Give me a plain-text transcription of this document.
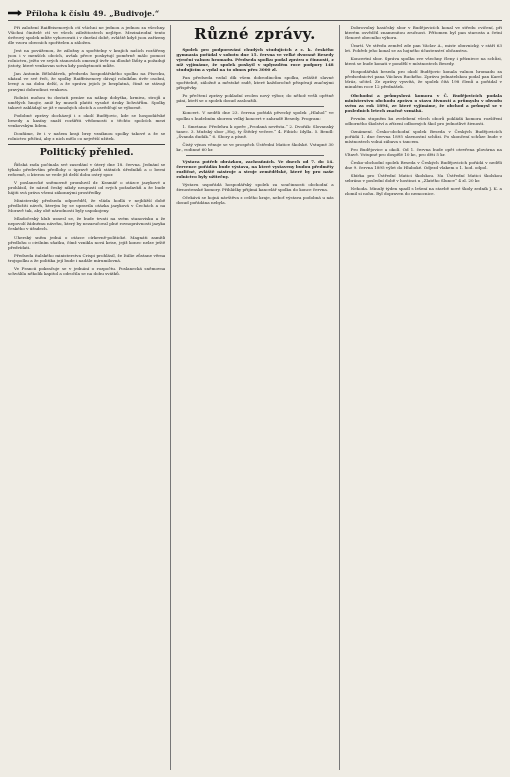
Příloha k číslu 49. „Budivoje.“

Při založení Raiffeisenových ctí všichni ne jednou a jednou za všechny. Všichni činitelé ctí ve všech záležitostech nejlépe. Mezinárodní tento úvěrový spolek může vyhovovati i v dnešní době, zvláště když jsou zařízeny dle vzoru obecních spořitelen a záložen.

Jest na pováženou, že záložny a spořitelny v krajích našich rozšířeny jsou i v menších obcích, avšak přece poskytují poměrně málo pomoci rolnictvu, ježto ve svých stanovách omezují úvěr na dlouhé lhůty a požadují jistoty, které venkovan sotva kdy poskytnouti může.

Jan Antonín Bělohlávek, předseda hospodářského spolku na Písecku, ukázal ve své řeči, že spolky Raiffeisenovy dávají rolníkům úvěr osobní, levný a na dobu delší, a že správa jejich je bezplatná, čímž se stávají pravými dobrodinci venkova.

Rolníci mohou tu dostati peníze na nákup dobytka, krmiva, strojů a umělých hnojiv, aniž by museli platiti vysoké úroky lichvářům. Spolky takové zakládají se již v mnohých obcích a osvědčují se výborně.

Podobné zprávy docházejí i z okolí Budějovic, kde se hospodářské besedy a kasíny snaží rozšířiti vědomosti o těchto spolcích mezi venkovským lidem.

Doufáme, že i v našem kraji brzy vzniknou spolky takové a že se rolnictvo přičiní, aby z nich mělo co největší užitek.

Politický přehled.

Říšská rada počínala své zasedání v úterý dne 18. června. Jednání se týkalo především předlohy o úpravě platů státních úředníků a o berní reformě, o kterou se vede již delší dobu ostrý spor.

V poslanecké sněmovně promluvil dr. Kramář o otázce jazykové a prohlásil, že národ český nikdy neupustí od svých požadavků a že bude hájiti svá práva všemi zákonnými prostředky.

Ministerský předseda odpověděl, že vláda hodlá v nejbližší době předložiti návrh, kterým by se upravila otázka jazyková v Čechách a na Moravě tak, aby obě národnosti byly uspokojeny.

Mladočeský klub usnesl se, že bude trvati na svém stanovisku a že nepovolí žádnému návrhu, který by nezaručoval plné rovnoprávnosti jazyka českého v úřadech.

Uherský sněm jedná o otázce církevně-politické. Magnáti zamítli předlohu o civilním sňatku, čímž vznikla nová krise, jejíž konec nelze ještě předvídati.

Předseda italského ministerstva Crispi prohlásil, že Itálie zůstane věrna trojspolku a že politika její bude i nadále mírumilovná.

Ve Francii pokračuje se v jednání o rozpočtu. Poslanecká sněmovna schválila několik kapitol a odročila se na dobu svátků.

Různé zprávy.

Spolek pro podporování chudých studujících z c. k. českého gymnasia pořádal v sobotu dne 15. června ve velké dvoraně Besedy výroční valnou hromadu. Předseda spolku podal zprávu o činnosti, z níž vyjímáme, že spolek poskytl v uplynulém roce podpory 148 studujícím a vydal na to obnos přes 3000 zl.

Pan předseda vzdal dík všem dobrodincům spolku, zvláště slavné spořitelně, záložně a městské radě, které každoročně přispívají značnými příspěvky.

Po přečtení zprávy pokladní zvolen nový výbor, do něhož vešli opětně páni, kteří se o spolek dosud zasloužili.

Koncert. V neděli dne 23. června pořádá pěvecký spolek „Hlahol“ ve spolku s hudebním sborem velký koncert v zahradě Besedy. Program:

1. Smetana: Předehra k opeře „Prodaná nevěsta.“ 2. Dvořák: Slovanský tanec. 3. Mužský sbor „Hoj, ty Štědrý večere.“ 4. Fibich: Idylla. 5. Bendl: „Švanda dudák.“ 6. Sbory a písně.

Čistý výnos věnuje se ve prospěch Ústřední Matice školské. Vstupné 30 kr., rodinné 60 kr.

Výstava potřeb obrázkou, zachraňních. Ve dnech od 7. do 14. července pořádán bude výstava, na které vystaveny budou předměty rozličné, zvláště nástroje a stroje zemědělské, které by pro naše rolnictvo byly užitečny.

Výstavu uspořádá hospodářský spolek za součinnosti obchodní a živnostenské komory. Přihlášky přijímá kancelář spolku do konce června.

Očekává se hojná návštěva z celého kraje, neboť výstava podobná u nás dosud pořádána nebyla.

Dobrovolný hasičský sbor v Budějovicích konal ve středu cvičení, při kterém osvědčil znamenitou zručnost. Přítomen byl pan starosta a četní členové obecního výboru.

Úmrtí. Ve středu zemřel zde pan Václav A., mistr obuvnický, v stáří 63 let. Pohřeb jeho konal se za hojného účastenství občanstva.

Koncertní sbor. Správa spolku zve všechny členy i příznivce na schůzi, která se bude konati v pondělí v místnostech Besedy.

Hospodářská beseda pro okolí Budějovic konala valnou hromadu za předsednictví pana Václava Ruckého. Zprávu jednatelskou podal pan Karel Mráz, učitel. Ze zprávy vysvítá, že spolek čítá 198 členů a pořádal v minulém roce 12 přednášek.

Obchodní a průmyslová komora v Č. Budějovicích podala ministerstvu obchodu zprávu o stavu živností a průmyslu v obvodu svém za rok 1894, ze které vyjímáme, že obchod a průmysl se v posledních letech značně vzmáhá.

Prvním stupněm ku zvelebení všech oborů pokládá komora rozšíření odborného školství a zřízení odborných škol pro jednotlivé živnosti.

Oznámení. Česko-obchodní spolek Beseda v Českých Budějovicích pořádá 1. dne června 1895 slavnostní schůzi. Po skončení schůze bude v místnostech volná zábava s tancem.

Pro Budějovice a okolí. Od 1. června bude opět otevřena plovárna na Vltavě. Vstupné pro dospělé 10 kr., pro děti 5 kr.

Česko-obchodní spolek Beseda v Českých Budějovicích pořádá v neděli dne 9. června 1895 výlet do Hluboké. Odjezd vlakem o 1. hod. odpol.

Sbírka pro Ústřední Matici školskou. Na Ústřední Matici školskou sebráno v poslední době v hostinci u „Zlatého Slunce“ 4 zl. 20 kr.

Nehoda. Minulý týden spadl s lešení na stavbě nové školy zedník J. K. a zlomil si nohu. Byl dopraven do nemocnice.
